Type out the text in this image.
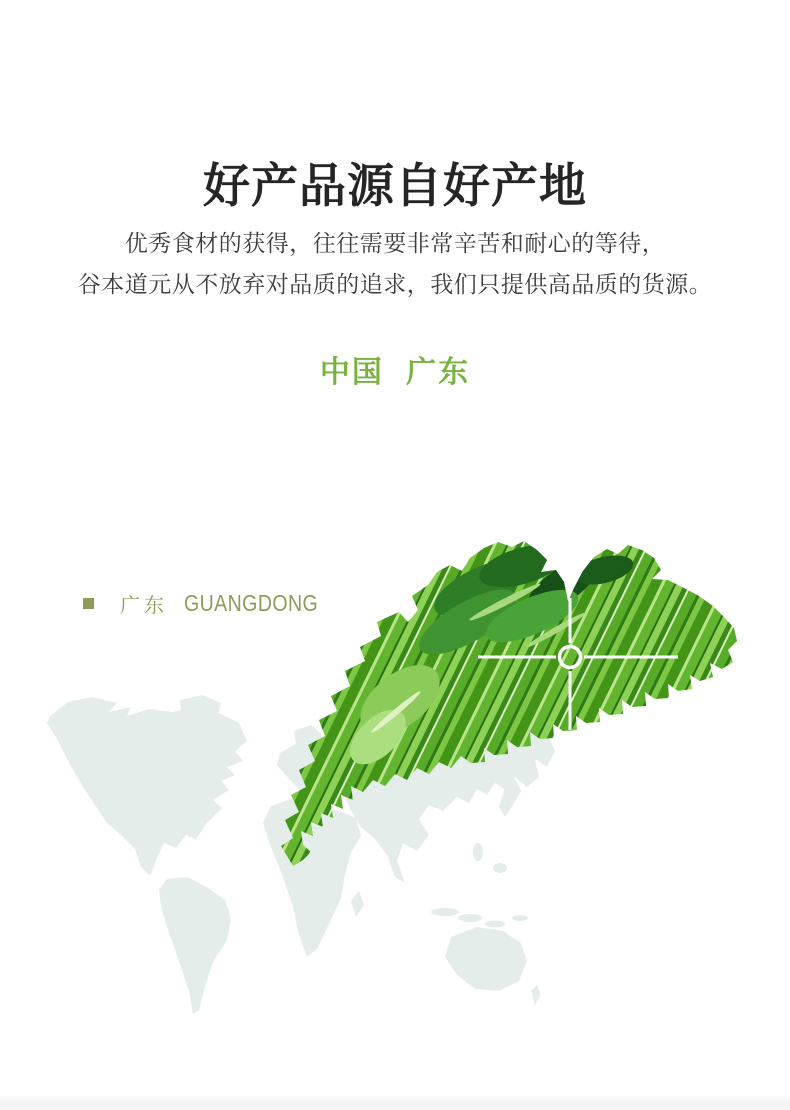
好产品源自好产地
优秀食材的获得，往往需要非常辛苦和耐心的等待，
谷本道元从不放弃对品质的追求，我们只提供高品质的货源。
中国 广东
广东 GUANGDONG
